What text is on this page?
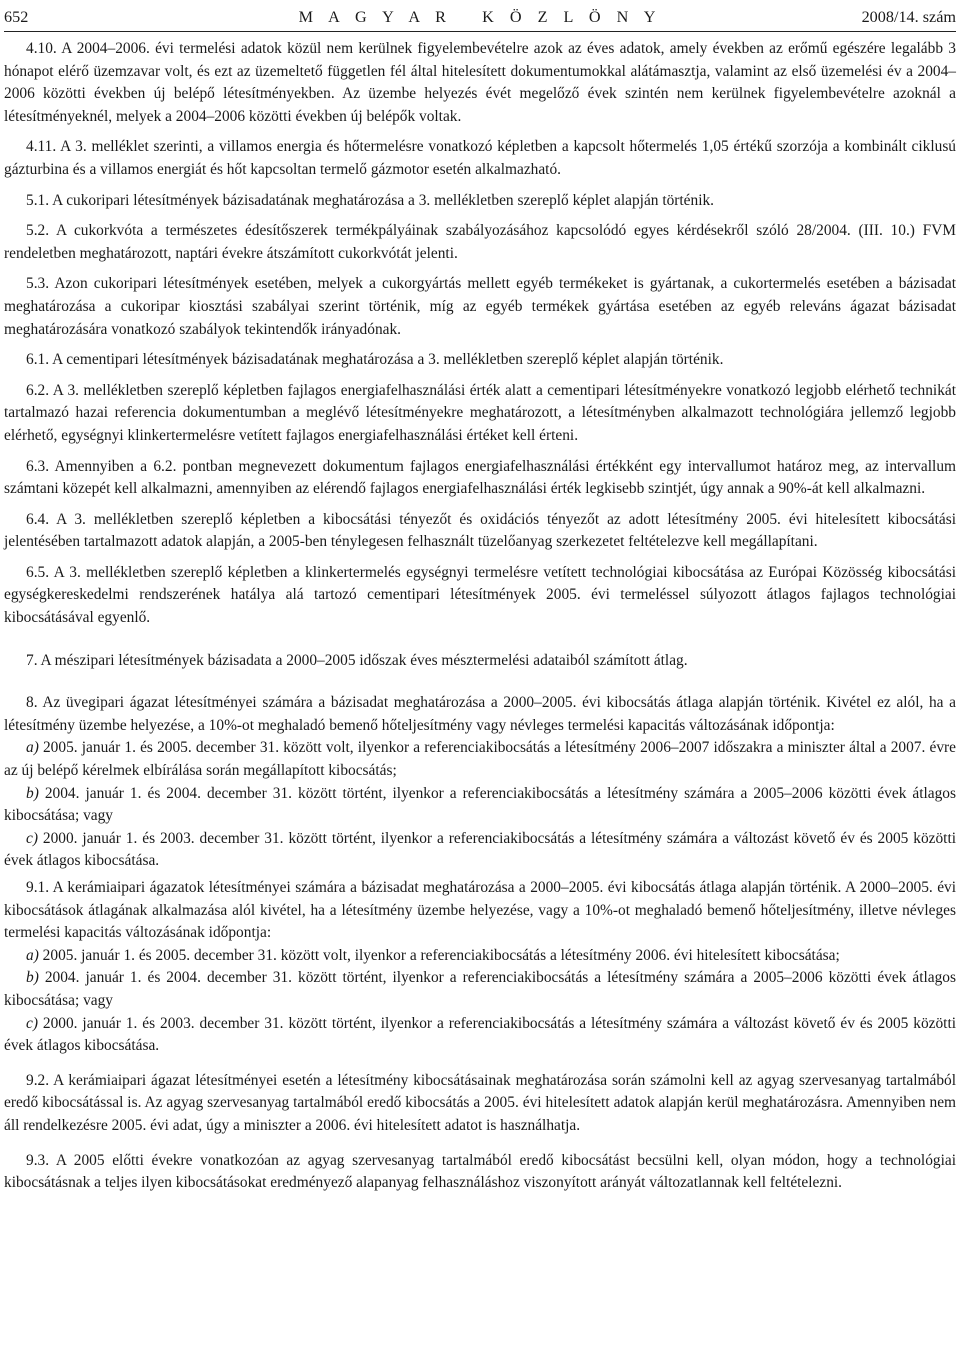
652	M A G Y A R   K Ö Z L Ö N Y	2008/14. szám

4.10. A 2004–2006. évi termelési adatok közül nem kerülnek figyelembevételre azok az éves adatok, amely években az erőmű egészére legalább 3 hónapot elérő üzemzavar volt, és ezt az üzemeltető független fél által hitelesített dokumentumokkal alátámasztja, valamint az első üzemelési év a 2004–2006 közötti években új belépő létesítményekben. Az üzembe helyezés évét megelőző évek szintén nem kerülnek figyelembevételre azoknál a létesítményeknél, melyek a 2004–2006 közötti években új belépők voltak.

4.11. A 3. melléklet szerinti, a villamos energia és hőtermelésre vonatkozó képletben a kapcsolt hőtermelés 1,05 értékű szorzója a kombinált ciklusú gázturbina és a villamos energiát és hőt kapcsoltan termelő gázmotor esetén alkalmazható.

5.1. A cukoripari létesítmények bázisadatának meghatározása a 3. mellékletben szereplő képlet alapján történik.

5.2. A cukorkvóta a természetes édesítőszerek termékpályáinak szabályozásához kapcsolódó egyes kérdésekről szóló 28/2004. (III. 10.) FVM rendeletben meghatározott, naptári évekre átszámított cukorkvótát jelenti.

5.3. Azon cukoripari létesítmények esetében, melyek a cukorgyártás mellett egyéb termékeket is gyártanak, a cukortermelés esetében a bázisadat meghatározása a cukoripar kiosztási szabályai szerint történik, míg az egyéb termékek gyártása esetében az egyéb releváns ágazat bázisadat meghatározására vonatkozó szabályok tekintendők irányadónak.

6.1. A cementipari létesítmények bázisadatának meghatározása a 3. mellékletben szereplő képlet alapján történik.

6.2. A 3. mellékletben szereplő képletben fajlagos energiafelhasználási érték alatt a cementipari létesítményekre vonatkozó legjobb elérhető technikát tartalmazó hazai referencia dokumentumban a meglévő létesítményekre meghatározott, a létesítményben alkalmazott technológiára jellemző legjobb elérhető, egységnyi klinkertermelésre vetített fajlagos energiafelhasználási értéket kell érteni.

6.3. Amennyiben a 6.2. pontban megnevezett dokumentum fajlagos energiafelhasználási értékként egy intervallumot határoz meg, az intervallum számtani közepét kell alkalmazni, amennyiben az elérendő fajlagos energiafelhasználási érték legkisebb szintjét, úgy annak a 90%-át kell alkalmazni.

6.4. A 3. mellékletben szereplő képletben a kibocsátási tényezőt és oxidációs tényezőt az adott létesítmény 2005. évi hitelesített kibocsátási jelentésében tartalmazott adatok alapján, a 2005-ben ténylegesen felhasznált tüzelőanyag szerkezetet feltételezve kell megállapítani.

6.5. A 3. mellékletben szereplő képletben a klinkertermelés egységnyi termelésre vetített technológiai kibocsátása az Európai Közösség kibocsátási egységkereskedelmi rendszerének hatálya alá tartozó cementipari létesítmények 2005. évi termeléssel súlyozott átlagos fajlagos technológiai kibocsátásával egyenlő.

7. A mészipari létesítmények bázisadata a 2000–2005 időszak éves mésztermelési adataiból számított átlag.

8. Az üvegipari ágazat létesítményei számára a bázisadat meghatározása a 2000–2005. évi kibocsátás átlaga alapján történik. Kivétel ez alól, ha a létesítmény üzembe helyezése, a 10%-ot meghaladó bemenő hőteljesítmény vagy névleges termelési kapacitás változásának időpontja:

a) 2005. január 1. és 2005. december 31. között volt, ilyenkor a referenciakibocsátás a létesítmény 2006–2007 időszakra a miniszter által a 2007. évre az új belépő kérelmek elbírálása során megállapított kibocsátás;

b) 2004. január 1. és 2004. december 31. között történt, ilyenkor a referenciakibocsátás a létesítmény számára a 2005–2006 közötti évek átlagos kibocsátása; vagy

c) 2000. január 1. és 2003. december 31. között történt, ilyenkor a referenciakibocsátás a létesítmény számára a változást követő év és 2005 közötti évek átlagos kibocsátása.

9.1. A kerámiaipari ágazatok létesítményei számára a bázisadat meghatározása a 2000–2005. évi kibocsátás átlaga alapján történik. A 2000–2005. évi kibocsátások átlagának alkalmazása alól kivétel, ha a létesítmény üzembe helyezése, vagy a 10%-ot meghaladó bemenő hőteljesítmény, illetve névleges termelési kapacitás változásának időpontja:

a) 2005. január 1. és 2005. december 31. között volt, ilyenkor a referenciakibocsátás a létesítmény 2006. évi hitelesített kibocsátása;

b) 2004. január 1. és 2004. december 31. között történt, ilyenkor a referenciakibocsátás a létesítmény számára a 2005–2006 közötti évek átlagos kibocsátása; vagy

c) 2000. január 1. és 2003. december 31. között történt, ilyenkor a referenciakibocsátás a létesítmény számára a változást követő év és 2005 közötti évek átlagos kibocsátása.

9.2. A kerámiaipari ágazat létesítményei esetén a létesítmény kibocsátásainak meghatározása során számolni kell az agyag szervesanyag tartalmából eredő kibocsátással is. Az agyag szervesanyag tartalmából eredő kibocsátás a 2005. évi hitelesített adatok alapján kerül meghatározásra. Amennyiben nem áll rendelkezésre 2005. évi adat, úgy a miniszter a 2006. évi hitelesített adatot is használhatja.

9.3. A 2005 előtti évekre vonatkozóan az agyag szervesanyag tartalmából eredő kibocsátást becsülni kell, olyan módon, hogy a technológiai kibocsátásnak a teljes ilyen kibocsátásokat eredményező alapanyag felhasználáshoz viszonyított arányát változatlannak kell feltételezni.
